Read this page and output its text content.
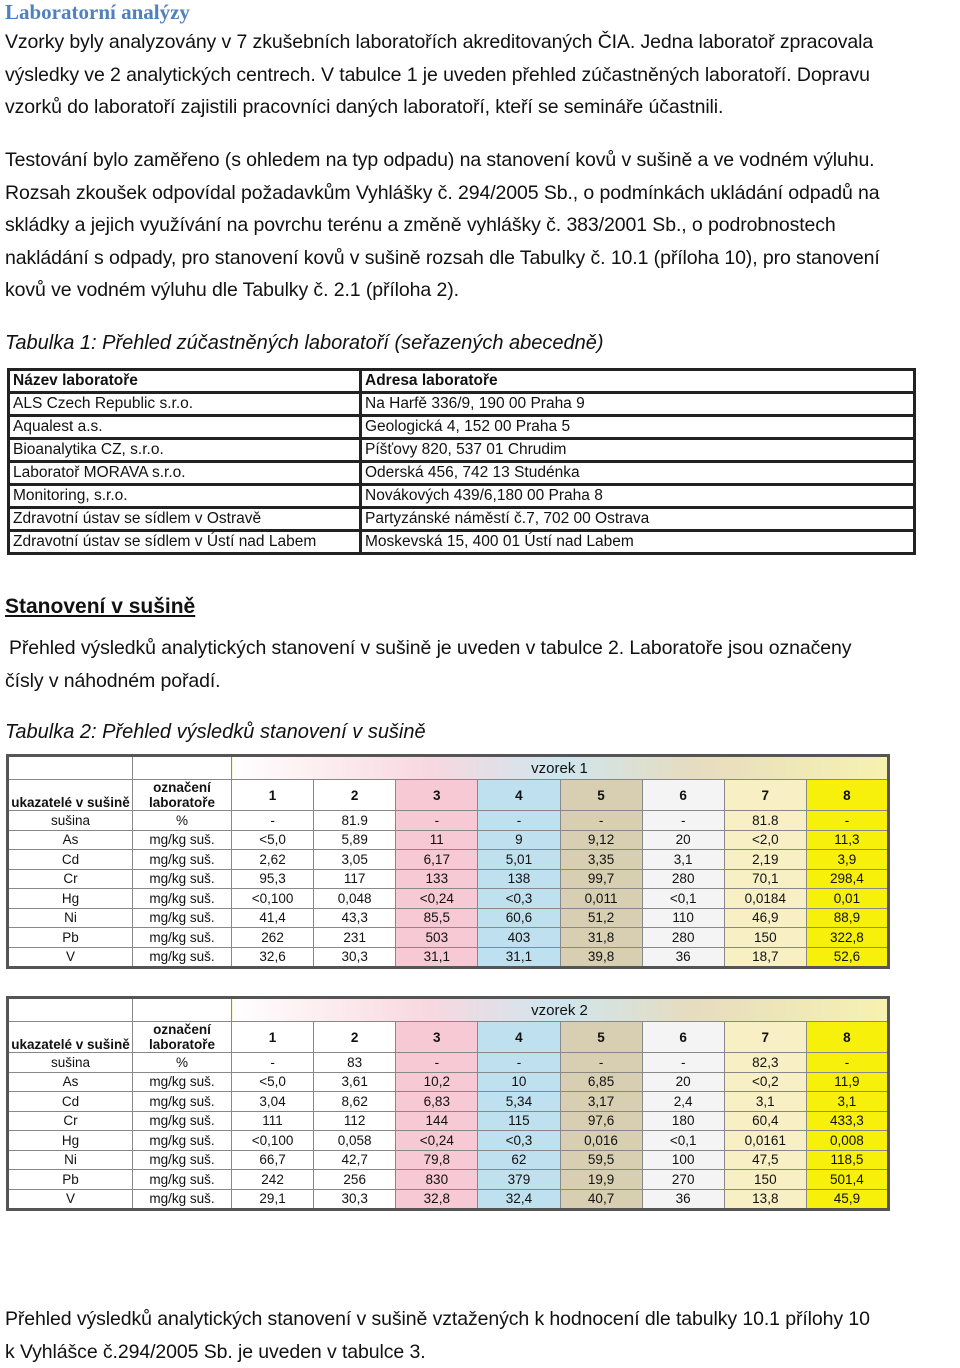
Laboratorní analýzy

Vzorky byly analyzovány v 7 zkušebních laboratořích akreditovaných ČIA. Jedna laboratoř zpracovala

výsledky ve 2 analytických centrech. V tabulce 1 je uveden přehled zúčastněných laboratoří. Dopravu

vzorků do laboratoří zajistili pracovníci daných laboratoří, kteří se semináře účastnili.

Testování bylo zaměřeno (s ohledem na typ odpadu) na stanovení kovů v sušině a ve vodném výluhu.

Rozsah zkoušek odpovídal požadavkům Vyhlášky č. 294/2005 Sb., o podmínkách ukládání odpadů na

skládky a jejich využívání na povrchu terénu a změně vyhlášky č. 383/2001 Sb., o podrobnostech

nakládání s odpady, pro stanovení kovů v sušině rozsah dle Tabulky č. 10.1 (příloha 10), pro stanovení

kovů ve vodném výluhu dle Tabulky č. 2.1 (příloha 2).

Tabulka 1: Přehled zúčastněných laboratoří (seřazených abecedně)
Název laboratoře	Adresa laboratoře
ALS Czech Republic s.r.o.	Na Harfě 336/9, 190 00 Praha 9
Aqualest a.s.	Geologická 4, 152 00 Praha 5
Bioanalytika CZ, s.r.o.	Píšťovy 820, 537 01 Chrudim
Laboratoř MORAVA s.r.o.	Oderská 456, 742 13 Studénka
Monitoring, s.r.o.	Novákových 439/6,180 00 Praha 8
Zdravotní ústav se sídlem v Ostravě	Partyzánské náměstí č.7, 702 00 Ostrava
Zdravotní ústav se sídlem v Ústí nad Labem	Moskevská 15, 400 01 Ústí nad Labem
Stanovení v sušině

Přehled výsledků analytických stanovení v sušině je uveden v tabulce 2. Laboratoře jsou označeny

čísly v náhodném pořadí.

Tabulka 2: Přehled výsledků stanovení v sušině
		vzorek 1							
ukazatelé v sušině	označení
laboratoře	1	2	3	4	5	6	7	8
sušina	%	-	81.9	-	-	-	-	81.8	-
As	mg/kg suš.	<5,0	5,89	11	9	9,12	20	<2,0	11,3
Cd	mg/kg suš.	2,62	3,05	6,17	5,01	3,35	3,1	2,19	3,9
Cr	mg/kg suš.	95,3	117	133	138	99,7	280	70,1	298,4
Hg	mg/kg suš.	<0,100	0,048	<0,24	<0,3	0,011	<0,1	0,0184	0,01
Ni	mg/kg suš.	41,4	43,3	85,5	60,6	51,2	110	46,9	88,9
Pb	mg/kg suš.	262	231	503	403	31,8	280	150	322,8
V	mg/kg suš.	32,6	30,3	31,1	31,1	39,8	36	18,7	52,6
		vzorek 2							
ukazatelé v sušině	označení
laboratoře	1	2	3	4	5	6	7	8
sušina	%	-	83	-	-	-	-	82,3	-
As	mg/kg suš.	<5,0	3,61	10,2	10	6,85	20	<0,2	11,9
Cd	mg/kg suš.	3,04	8,62	6,83	5,34	3,17	2,4	3,1	3,1
Cr	mg/kg suš.	111	112	144	115	97,6	180	60,4	433,3
Hg	mg/kg suš.	<0,100	0,058	<0,24	<0,3	0,016	<0,1	0,0161	0,008
Ni	mg/kg suš.	66,7	42,7	79,8	62	59,5	100	47,5	118,5
Pb	mg/kg suš.	242	256	830	379	19,9	270	150	501,4
V	mg/kg suš.	29,1	30,3	32,8	32,4	40,7	36	13,8	45,9

Přehled výsledků analytických stanovení v sušině vztažených k hodnocení dle tabulky 10.1 přílohy 10

k Vyhlášce č.294/2005 Sb. je uveden v tabulce 3.
